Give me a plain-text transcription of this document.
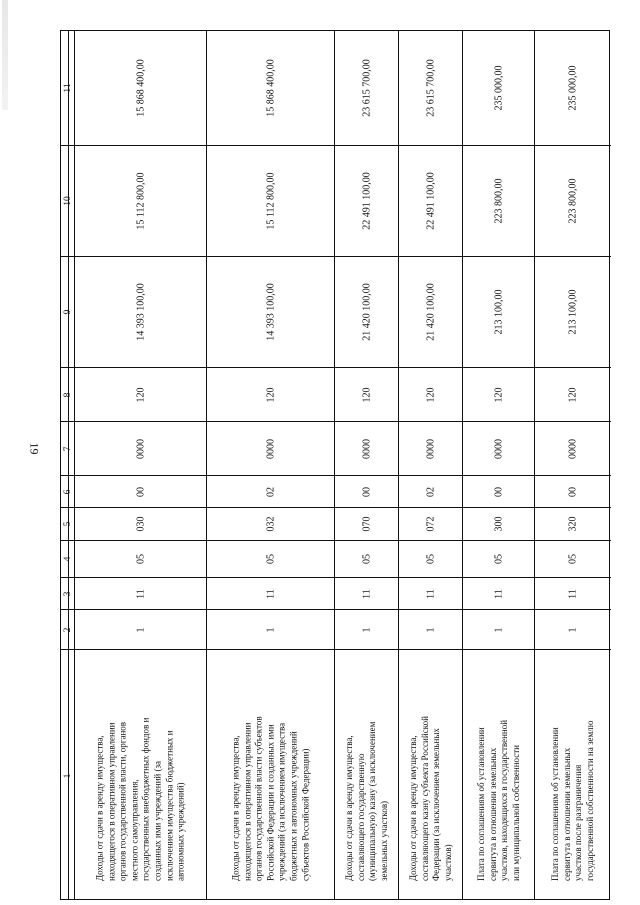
19
11
10
9
8
7
6
5
4
3
2
1
15 868 400,00
15 112 800,00
14 393 100,00
120
0000
00
030
05
11
1
Доходы от сдачи в аренду имущества, находящегося в оперативном управлении органов государственной власти, органов местного самоуправления, государственных внебюджетных фондов и созданных ими учреждений (за исключением имущества бюджетных и автономных учреждений)
15 868 400,00
15 112 800,00
14 393 100,00
120
0000
02
032
05
11
1
Доходы от сдачи в аренду имущества, находящегося в оперативном управлении органов государственной власти субъектов Российской Федерации и созданных ими учреждений (за исключением имущества бюджетных и автономных учреждений субъектов Российской Федерации)
23 615 700,00
22 491 100,00
21 420 100,00
120
0000
00
070
05
11
1
Доходы от сдачи в аренду имущества, составляющего государственную (муниципальную) казну (за исключением земельных участков)
23 615 700,00
22 491 100,00
21 420 100,00
120
0000
02
072
05
11
1
Доходы от сдачи в аренду имущества, составляющего казну субъекта Российской Федерации (за исключением земельных участков)
235 000,00
223 800,00
213 100,00
120
0000
00
300
05
11
1
Плата по соглашениям об установлении сервитута в отношении земельных участков, находящихся в государственной или муниципальной собственности
235 000,00
223 800,00
213 100,00
120
0000
00
320
05
11
1
Плата по соглашениям об установлении сервитута в отношении земельных участков после разграничения государственной собственности на землю
